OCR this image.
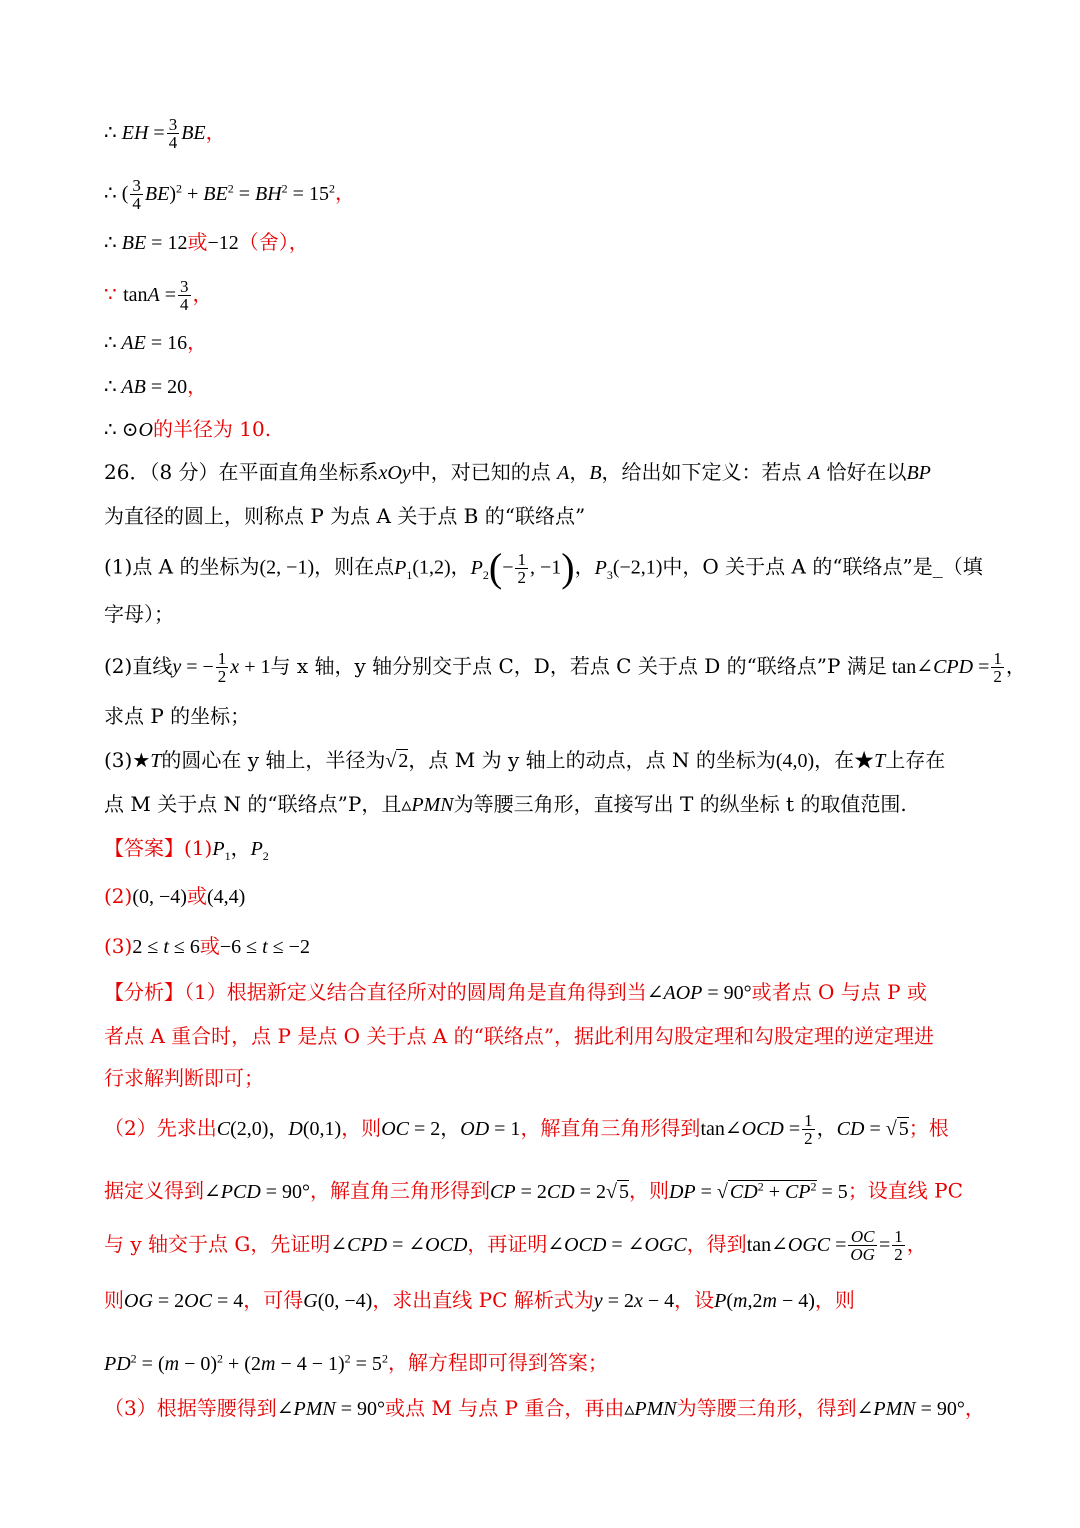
∴ EH = $\frac{3}{4}$ BE，
∴ ( $\frac{3}{4} BE)^2 + BE^2 = BH^2 = 15^2$，
∴ BE = 12或−12（舍），
∵ $\tan A = \frac{3}{4}$ ，
∴ AE = 16，
∴ AB = 20，
∴ ⊙O的半径为 10.
26．（8 分）在平面直角坐标系xOy中，对已知的点 A，B，给出如下定义：若点 A 恰好在以BP
为直径的圆上，则称点 P 为点 A 关于点 B 的“联络点”
(1)点 A 的坐标为(2, −1)，则在点$P_1(1,2)$，$P_2(- \frac{1}{2}$ , −1)，$P_3(-2,1)$中，O 关于点 A 的“联络点”是_（填
字母）；
(2)直线y = − $\frac{1}{2}$ x + 1与 x 轴，y 轴分别交于点 C，D，若点 C 关于点 D 的“联络点”P 满足 tan∠CPD = $\frac{1}{2}$ ，
求点 P 的坐标；
(3)★T的圆心在 y 轴上，半径为√ 2，点 M 为 y 轴上的动点，点 N 的坐标为(4,0)，在★T上存在
点 M 关于点 N 的“联络点”P，且▵PMN为等腰三角形，直接写出 T 的纵坐标 t 的取值范围.
【答案】$(1)P_1$，$P_2$
(2)(0, −4)或(4,4)
(3)2 ≤ t ≤ 6或−6 ≤ t ≤ −2
【分析】（1）根据新定义结合直径所对的圆周角是直角得到当∠AOP = 90°或者点 O 与点 P 或
者点 A 重合时，点 P 是点 O 关于点 A 的“联络点”，据此利用勾股定理和勾股定理的逆定理进
行求解判断即可；
（2）先求出C(2,0)，D(0,1)，则OC = 2，OD = 1，解直角三角形得到tan∠OCD = $\frac{1}{2}$ ，CD = √ 5；根
据定义得到∠PCD = 90°，解直角三角形得到CP = 2CD = 2√ 5，则DP = √ $CD^2 + CP^2 = 5$；设直线 PC
与 y 轴交于点 G，先证明∠CPD = ∠OCD，再证明∠OCD = ∠OGC，得到tan∠OGC = $\frac{OC}{OG} = \frac{1}{2}$ ，
则OG = 2OC = 4，可得G(0, −4)，求出直线 PC 解析式为y = 2x − 4，设P(m,2m − 4)，则
$PD^2 = (m - 0)^2 + (2m - 4 - 1)^2 = 5^2$，解方程即可得到答案；
（3）根据等腰得到∠PMN = 90°或点 M 与点 P 重合，再由▵PMN为等腰三角形，得到∠PMN = 90°，
